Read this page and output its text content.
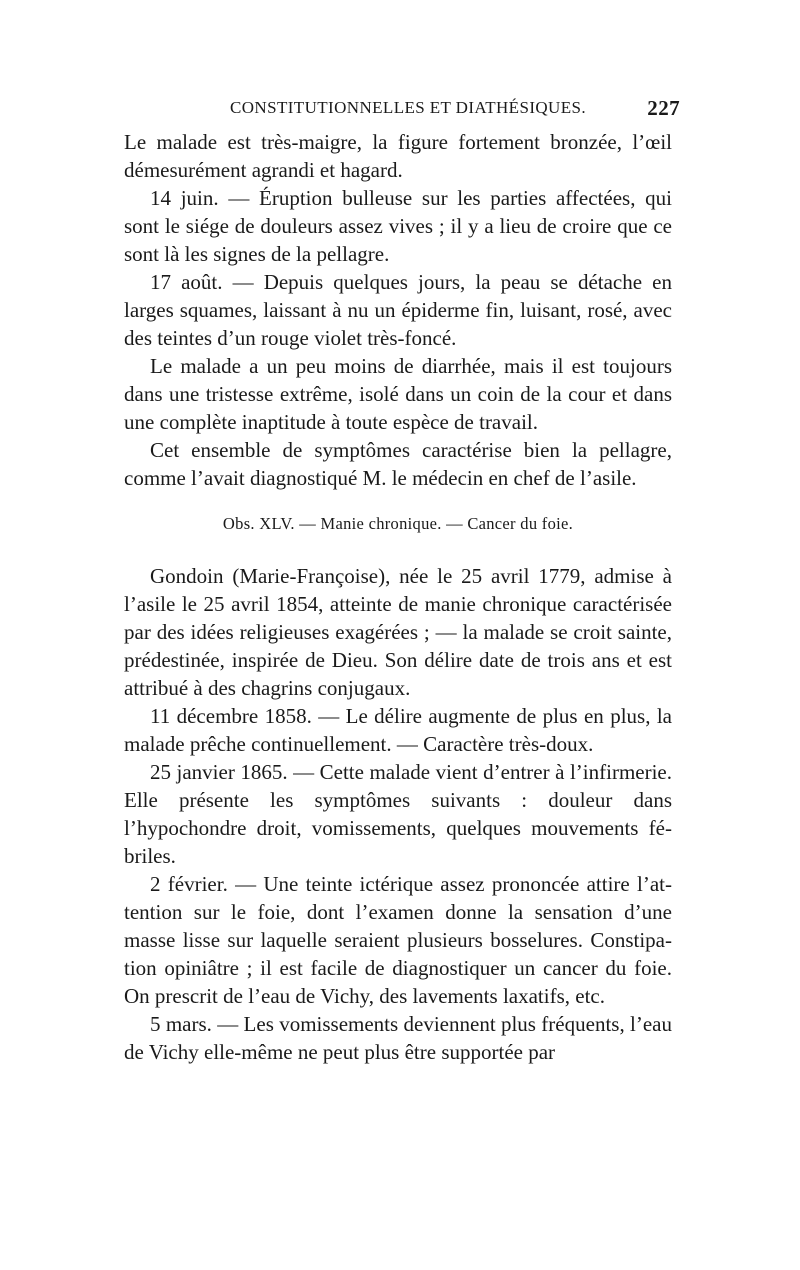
CONSTITUTIONNELLES ET DIATHÉSIQUES.	227

Le malade est très-maigre, la figure fortement bronzée, l’œil démesurément agrandi et hagard.

14 juin. — Éruption bulleuse sur les parties affectées, qui sont le siége de douleurs assez vives ; il y a lieu de croire que ce sont là les signes de la pellagre.

17 août. — Depuis quelques jours, la peau se détache en larges squames, laissant à nu un épiderme fin, luisant, rosé, avec des teintes d’un rouge violet très-foncé.

Le malade a un peu moins de diarrhée, mais il est toujours dans une tristesse extrême, isolé dans un coin de la cour et dans une complète inaptitude à toute espèce de travail.

Cet ensemble de symptômes caractérise bien la pellagre, comme l’avait diagnostiqué M. le médecin en chef de l’asile.

Obs. XLV. — Manie chronique. — Cancer du foie.

Gondoin (Marie-Françoise), née le 25 avril 1779, admise à l’asile le 25 avril 1854, atteinte de manie chronique caractérisée par des idées religieuses exagérées ; — la malade se croit sainte, prédestinée, inspirée de Dieu. Son délire date de trois ans et est attribué à des chagrins conjugaux.

11 décembre 1858. — Le délire augmente de plus en plus, la malade prêche continuellement. — Caractère très-doux.

25 janvier 1865. — Cette malade vient d’entrer à l’infirmerie. Elle présente les symptômes suivants : douleur dans l’hypochondre droit, vomissements, quelques mouvements fébriles.

2 février. — Une teinte ictérique assez prononcée attire l’attention sur le foie, dont l’examen donne la sensation d’une masse lisse sur laquelle seraient plusieurs bosselures. Constipation opiniâtre ; il est facile de diagnostiquer un cancer du foie. On prescrit de l’eau de Vichy, des lavements laxatifs, etc.

5 mars. — Les vomissements deviennent plus fréquents, l’eau de Vichy elle-même ne peut plus être supportée par
